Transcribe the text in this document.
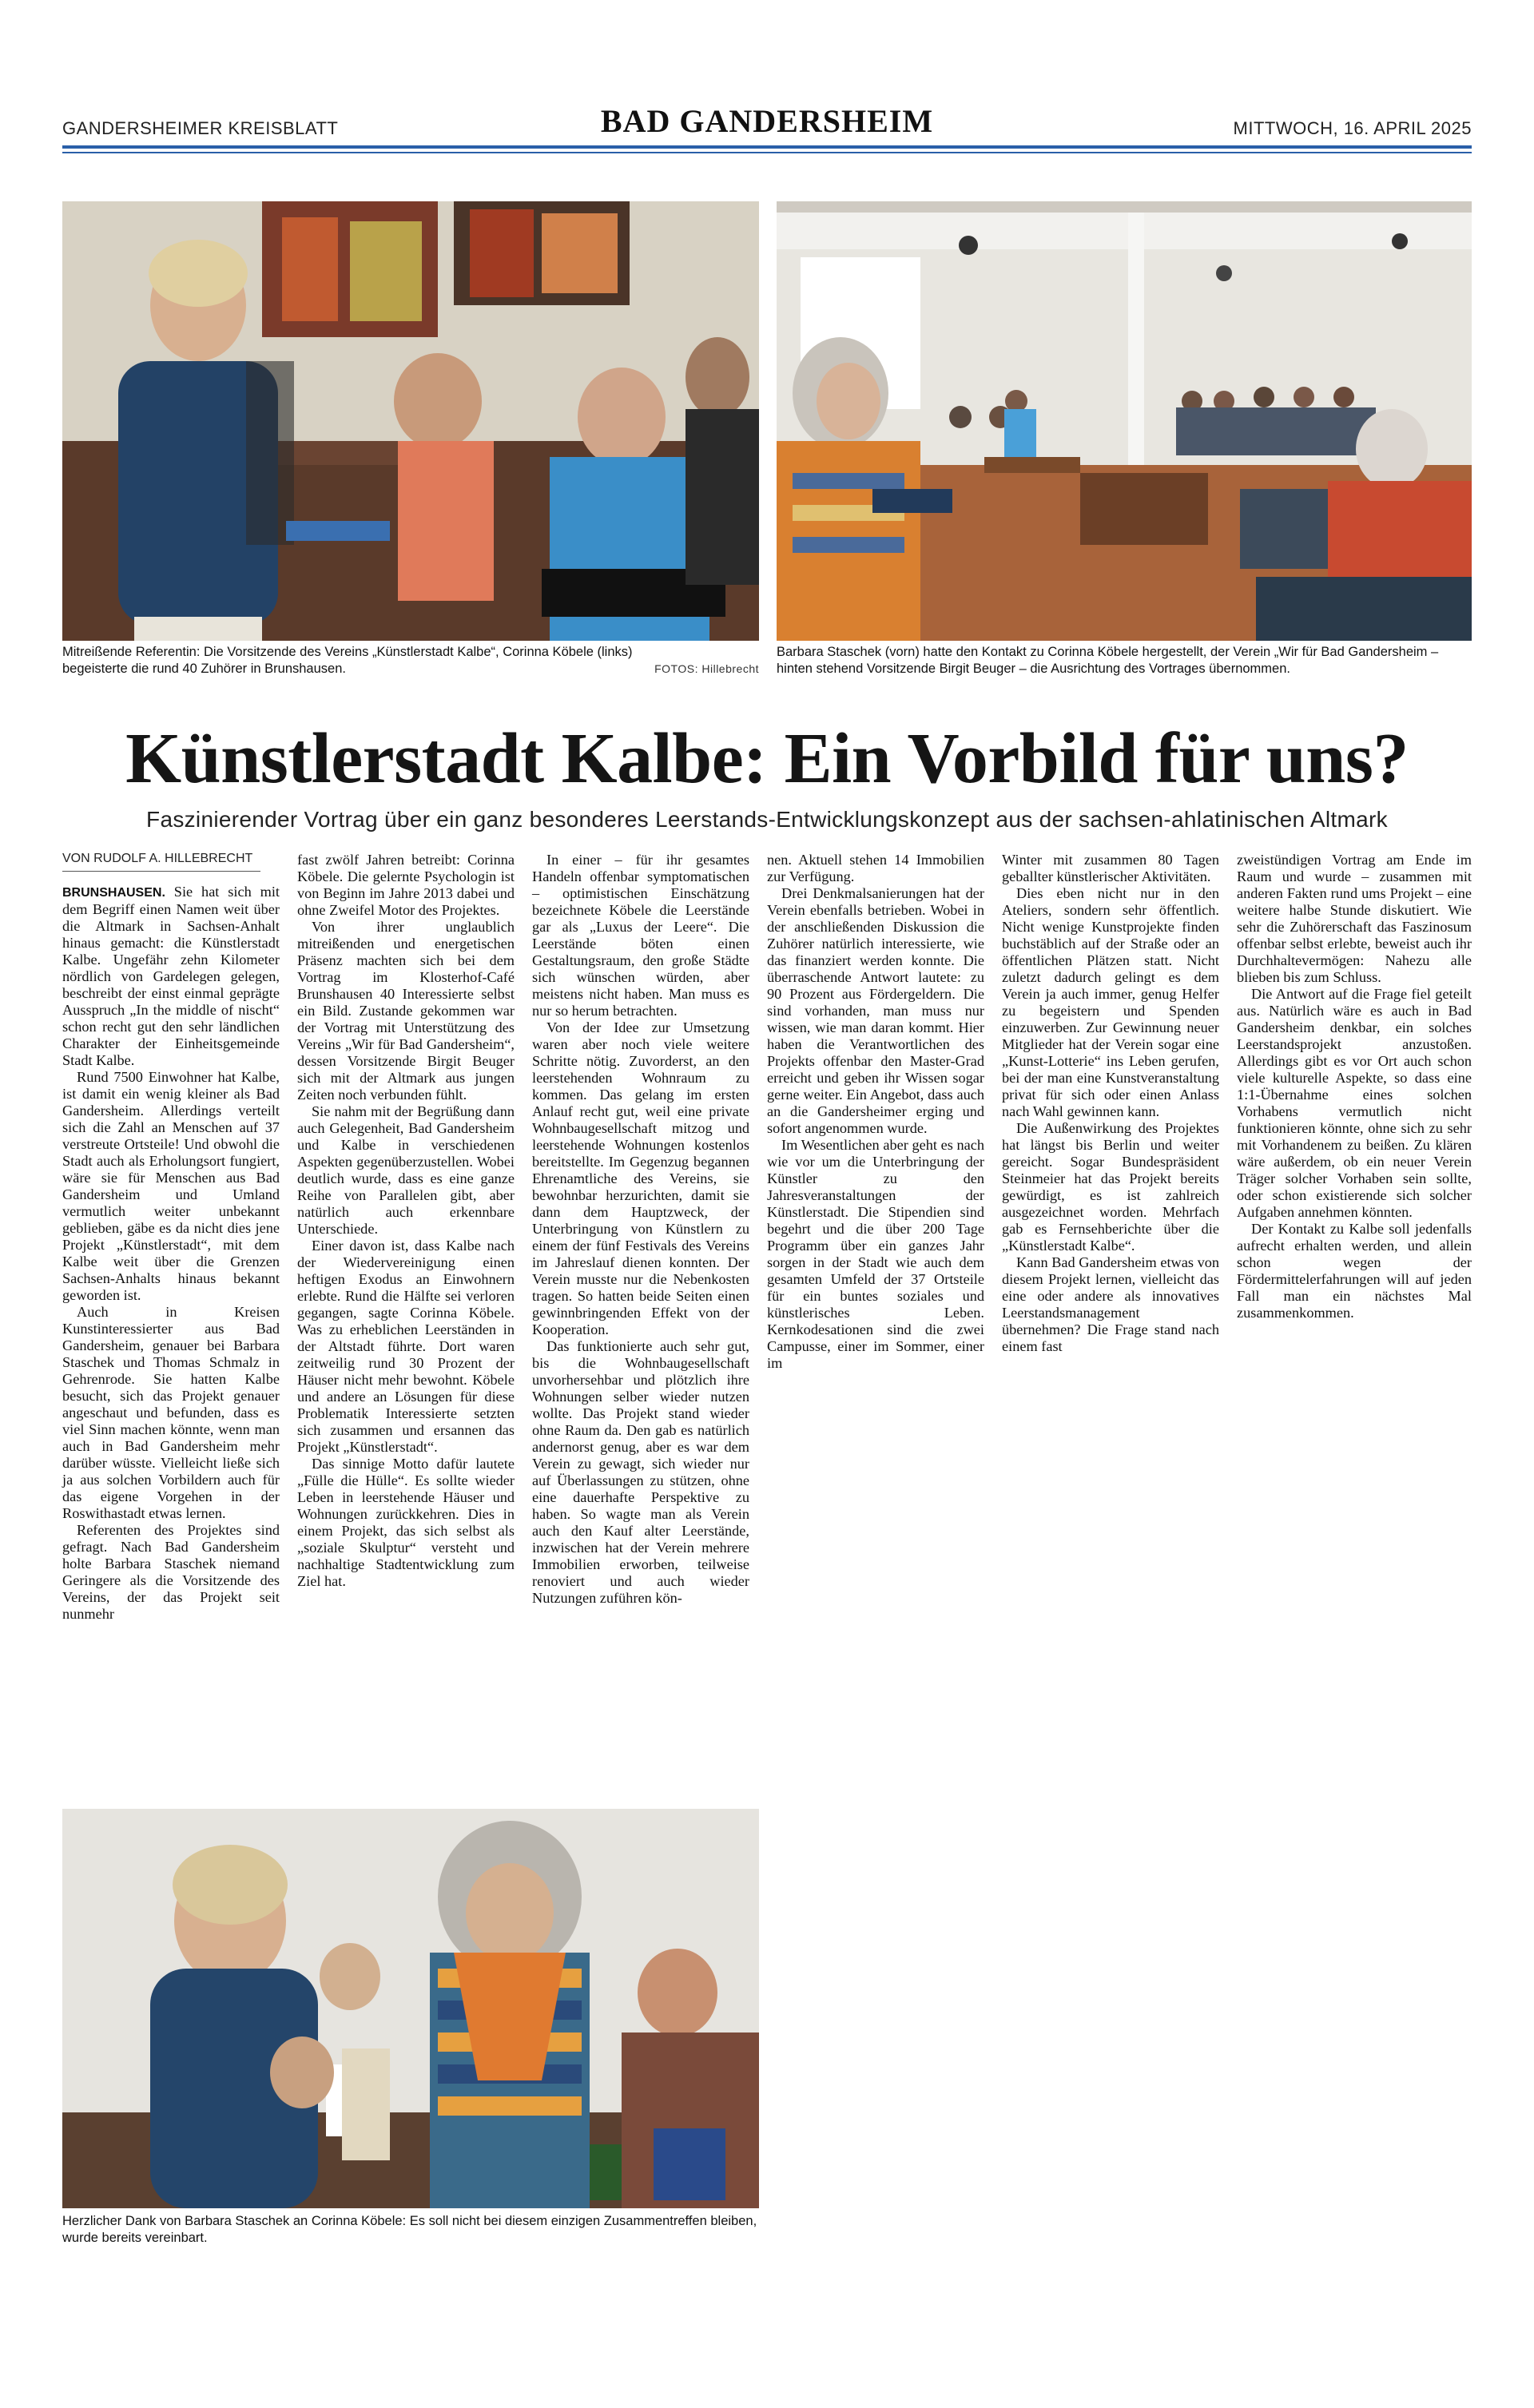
GANDERSHEIMER KREISBLATT	BAD GANDERSHEIM	MITTWOCH, 16. APRIL 2025
FOTOS: Hillebrecht
Mitreißende Referentin: Die Vorsitzende des Vereins „Künstlerstadt Kalbe“, Corinna Köbele (links) begeisterte die rund 40 Zuhörer in Brunshausen.
Barbara Staschek (vorn) hatte den Kontakt zu Corinna Köbele hergestellt, der Verein „Wir für Bad Gandersheim – hinten stehend Vorsitzende Birgit Beuger – die Ausrichtung des Vortrages übernommen.
Künstlerstadt Kalbe: Ein Vorbild für uns?
Faszinierender Vortrag über ein ganz besonderes Leerstands-Entwicklungskonzept aus der sachsen-ahlatinischen Altmark
VON RUDOLF A. HILLEBRECHT

BRUNSHAUSEN. Sie hat sich mit dem Begriff einen Namen weit über die Altmark in Sachsen-Anhalt hinaus gemacht: die Künstlerstadt Kalbe. Ungefähr zehn Kilometer nördlich von Gardelegen gelegen, beschreibt der einst einmal geprägte Ausspruch „In the middle of nischt“ schon recht gut den sehr ländlichen Charakter der Einheitsgemeinde Stadt Kalbe.

Rund 7500 Einwohner hat Kalbe, ist damit ein wenig kleiner als Bad Gandersheim. Allerdings verteilt sich die Zahl an Menschen auf 37 verstreute Ortsteile! Und obwohl die Stadt auch als Erholungsort fungiert, wäre sie für Menschen aus Bad Gandersheim und Umland vermutlich weiter unbekannt geblieben, gäbe es da nicht dies jene Projekt „Künstlerstadt“, mit dem Kalbe weit über die Grenzen Sachsen-Anhalts hinaus bekannt geworden ist.

Auch in Kreisen Kunstinteressierter aus Bad Gandersheim, genauer bei Barbara Staschek und Thomas Schmalz in Gehrenrode. Sie hatten Kalbe besucht, sich das Projekt genauer angeschaut und befunden, dass es viel Sinn machen könnte, wenn man auch in Bad Gandersheim mehr darüber wüsste. Vielleicht ließe sich ja aus solchen Vorbildern auch für das eigene Vorgehen in der Roswithastadt etwas lernen.

Referenten des Projektes sind gefragt. Nach Bad Gandersheim holte Barbara Staschek niemand Geringere als die Vorsitzende des Vereins, der das Projekt seit nunmehr

fast zwölf Jahren betreibt: Corinna Köbele. Die gelernte Psychologin ist von Beginn im Jahre 2013 dabei und ohne Zweifel Motor des Projektes.

Von ihrer unglaublich mitreißenden und energetischen Präsenz machten sich bei dem Vortrag im Klosterhof-Café Brunshausen 40 Interessierte selbst ein Bild. Zustande gekommen war der Vortrag mit Unterstützung des Vereins „Wir für Bad Gandersheim“, dessen Vorsitzende Birgit Beuger sich mit der Altmark aus jungen Zeiten noch verbunden fühlt.

Sie nahm mit der Begrüßung dann auch Gelegenheit, Bad Gandersheim und Kalbe in verschiedenen Aspekten gegenüberzustellen. Wobei deutlich wurde, dass es eine ganze Reihe von Parallelen gibt, aber natürlich auch erkennbare Unterschiede.

Einer davon ist, dass Kalbe nach der Wiedervereinigung einen heftigen Exodus an Einwohnern erlebte. Rund die Hälfte sei verloren gegangen, sagte Corinna Köbele. Was zu erheblichen Leerständen in der Altstadt führte. Dort waren zeitweilig rund 30 Prozent der Häuser nicht mehr bewohnt. Köbele und andere an Lösungen für diese Problematik Interessierte setzten sich zusammen und ersannen das Projekt „Künstlerstadt“.

Das sinnige Motto dafür lautete „Fülle die Hülle“. Es sollte wieder Leben in leerstehende Häuser und Wohnungen zurückkehren. Dies in einem Projekt, das sich selbst als „soziale Skulptur“ versteht und nachhaltige Stadtentwicklung zum Ziel hat.

In einer – für ihr gesamtes Handeln offenbar symptomatischen – optimistischen Einschätzung bezeichnete Köbele die Leerstände gar als „Luxus der Leere“. Die Leerstände böten einen Gestaltungsraum, den große Städte sich wünschen würden, aber meistens nicht haben. Man muss es nur so herum betrachten.

Von der Idee zur Umsetzung waren aber noch viele weitere Schritte nötig. Zuvorderst, an den leerstehenden Wohnraum zu kommen. Das gelang im ersten Anlauf recht gut, weil eine private Wohnbaugesellschaft mitzog und leerstehende Wohnungen kostenlos bereitstellte. Im Gegenzug begannen Ehrenamtliche des Vereins, sie bewohnbar herzurichten, damit sie dann dem Hauptzweck, der Unterbringung von Künstlern zu einem der fünf Festivals des Vereins im Jahreslauf dienen konnten. Der Verein musste nur die Nebenkosten tragen. So hatten beide Seiten einen gewinnbringenden Effekt von der Kooperation.

Das funktionierte auch sehr gut, bis die Wohnbaugesellschaft unvorhersehbar und plötzlich ihre Wohnungen selber wieder nutzen wollte. Das Projekt stand wieder ohne Raum da. Den gab es natürlich andernorst genug, aber es war dem Verein zu gewagt, sich wieder nur auf Überlassungen zu stützen, ohne eine dauerhafte Perspektive zu haben. So wagte man als Verein auch den Kauf alter Leerstände, inzwischen hat der Verein mehrere Immobilien erworben, teilweise renoviert und auch wieder Nutzungen zuführen kön-

nen. Aktuell stehen 14 Immobilien zur Verfügung.

Drei Denkmalsanierungen hat der Verein ebenfalls betrieben. Wobei in der anschließenden Diskussion die Zuhörer natürlich interessierte, wie das finanziert werden konnte. Die überraschende Antwort lautete: zu 90 Prozent aus Fördergeldern. Die sind vorhanden, man muss nur wissen, wie man daran kommt. Hier haben die Verantwortlichen des Projekts offenbar den Master-Grad erreicht und geben ihr Wissen sogar gerne weiter. Ein Angebot, dass auch an die Gandersheimer erging und sofort angenommen wurde.

Im Wesentlichen aber geht es nach wie vor um die Unterbringung der Künstler zu den Jahresveranstaltungen der Künstlerstadt. Die Stipendien sind begehrt und die über 200 Tage Programm über ein ganzes Jahr sorgen in der Stadt wie auch dem gesamten Umfeld der 37 Ortsteile für ein buntes soziales und künstlerisches Leben. Kernkodesationen sind die zwei Campusse, einer im Sommer, einer im

Winter mit zusammen 80 Tagen geballter künstlerischer Aktivitäten.

Dies eben nicht nur in den Ateliers, sondern sehr öffentlich. Nicht wenige Kunstprojekte finden buchstäblich auf der Straße oder an öffentlichen Plätzen statt. Nicht zuletzt dadurch gelingt es dem Verein ja auch immer, genug Helfer zu begeistern und Spenden einzuwerben. Zur Gewinnung neuer Mitglieder hat der Verein sogar eine „Kunst-Lotterie“ ins Leben gerufen, bei der man eine Kunstveranstaltung privat für sich oder einen Anlass nach Wahl gewinnen kann.

Die Außenwirkung des Projektes hat längst bis Berlin und weiter gereicht. Sogar Bundespräsident Steinmeier hat das Projekt bereits gewürdigt, es ist zahlreich ausgezeichnet worden. Mehrfach gab es Fernsehberichte über die „Künstlerstadt Kalbe“.

Kann Bad Gandersheim etwas von diesem Projekt lernen, vielleicht das eine oder andere als innovatives Leerstandsmanagement übernehmen? Die Frage stand nach einem fast

zweistündigen Vortrag am Ende im Raum und wurde – zusammen mit anderen Fakten rund ums Projekt – eine weitere halbe Stunde diskutiert. Wie sehr die Zuhörerschaft das Faszinosum offenbar selbst erlebte, beweist auch ihr Durchhaltevermögen: Nahezu alle blieben bis zum Schluss.

Die Antwort auf die Frage fiel geteilt aus. Natürlich wäre es auch in Bad Gandersheim denkbar, ein solches Leerstandsprojekt anzustoßen. Allerdings gibt es vor Ort auch schon viele kulturelle Aspekte, so dass eine 1:1-Übernahme eines solchen Vorhabens vermutlich nicht funktionieren könnte, ohne sich zu sehr mit Vorhandenem zu beißen. Zu klären wäre außerdem, ob ein neuer Verein Träger solcher Vorhaben sein sollte, oder schon existierende sich solcher Aufgaben annehmen könnten.

Der Kontakt zu Kalbe soll jedenfalls aufrecht erhalten werden, und allein schon wegen der Fördermittelerfahrungen will auf jeden Fall man ein nächstes Mal zusammenkommen.

Herzlicher Dank von Barbara Staschek an Corinna Köbele: Es soll nicht bei diesem einzigen Zusammentreffen bleiben, wurde bereits vereinbart.
